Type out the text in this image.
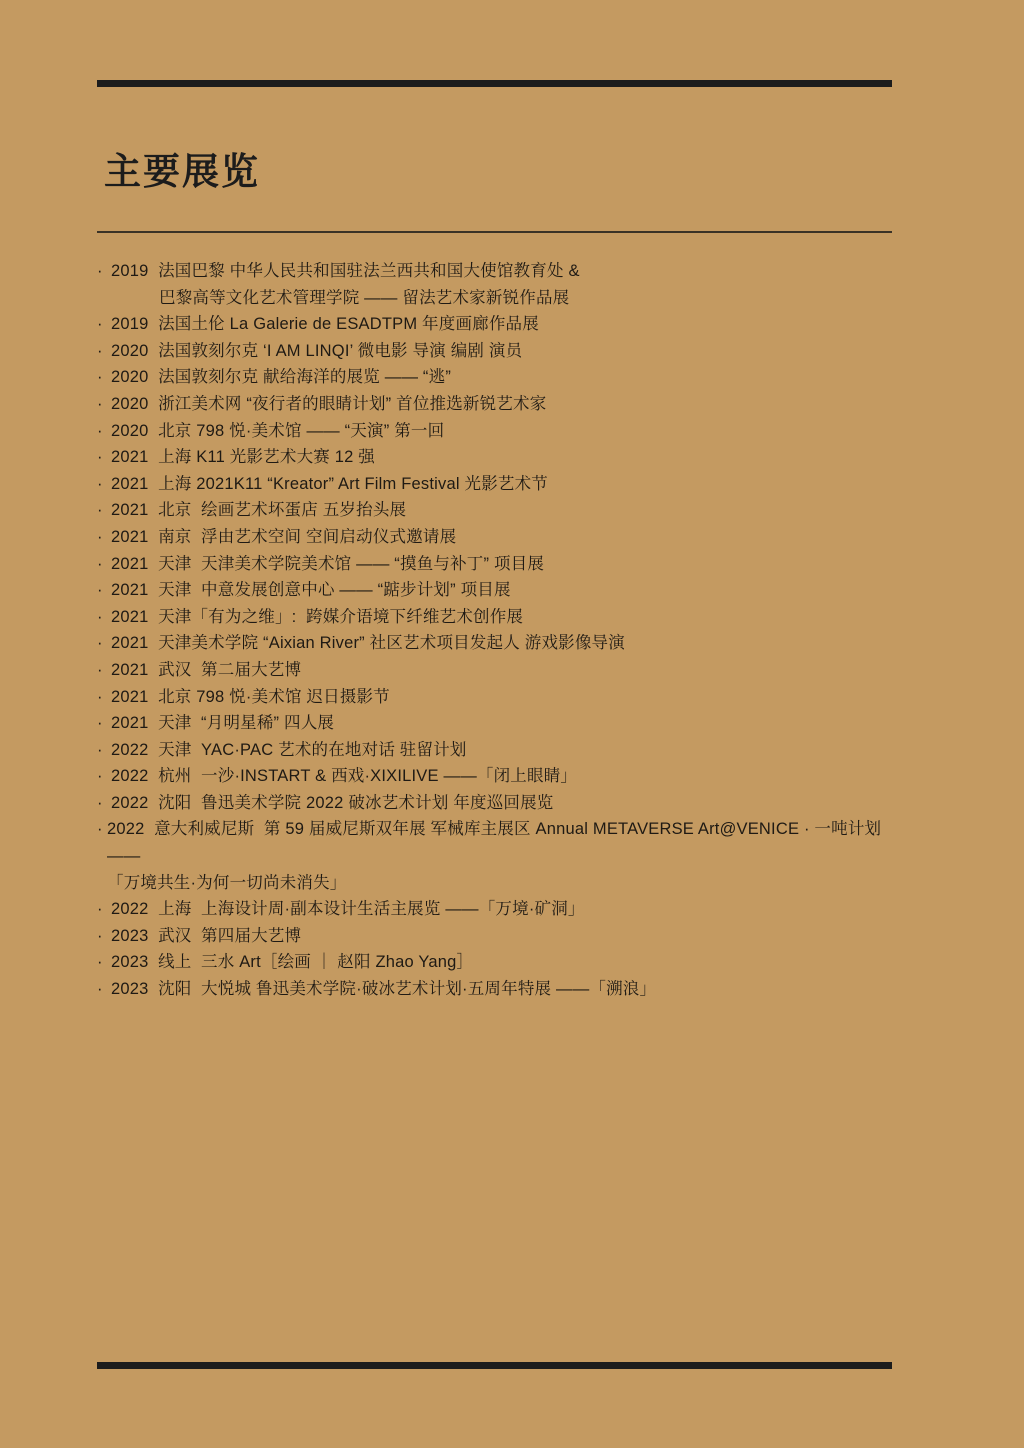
主要展览
· 2019  法国巴黎 中华人民共和国驻法兰西共和国大使馆教育处 &
巴黎高等文化艺术管理学院 —— 留法艺术家新锐作品展
· 2019  法国土伦 La Galerie de ESADTPM 年度画廊作品展
· 2020  法国敦刻尔克 ‘I AM LINQI’ 微电影 导演 编剧 演员
· 2020  法国敦刻尔克 献给海洋的展览 —— “逃”
· 2020  浙江美术网 “夜行者的眼睛计划” 首位推选新锐艺术家
· 2020  北京 798 悦·美术馆 —— “天演” 第一回
· 2021  上海 K11 光影艺术大赛 12 强
· 2021  上海 2021K11 “Kreator” Art Film Festival 光影艺术节
· 2021  北京  绘画艺术坏蛋店 五岁抬头展
· 2021  南京  浮由艺术空间 空间启动仪式邀请展
· 2021  天津  天津美术学院美术馆 —— “摸鱼与补丁” 项目展
· 2021  天津  中意发展创意中心 —— “踮步计划” 项目展
· 2021  天津「有为之维」:  跨媒介语境下纤维艺术创作展
· 2021  天津美术学院 “Aixian River” 社区艺术项目发起人 游戏影像导演
· 2021  武汉  第二届大艺博
· 2021  北京 798 悦·美术馆 迟日摄影节
· 2021  天津  “月明星稀” 四人展
· 2022  天津  YAC·PAC 艺术的在地对话 驻留计划
· 2022  杭州  一沙·INSTART & 西戏·XIXILIVE ——「闭上眼睛」
· 2022  沈阳  鲁迅美术学院 2022 破冰艺术计划 年度巡回展览
· 2022  意大利威尼斯  第 59 届威尼斯双年展 军械库主展区 Annual METAVERSE Art@VENICE · 一吨计划 ——
「万境共生·为何一切尚未消失」
· 2022  上海  上海设计周·副本设计生活主展览 ——「万境·矿洞」
· 2023  武汉  第四届大艺博
· 2023  线上  三水 Art［绘画 ｜ 赵阳 Zhao Yang］
· 2023  沈阳  大悦城 鲁迅美术学院·破冰艺术计划·五周年特展 ——「溯浪」
